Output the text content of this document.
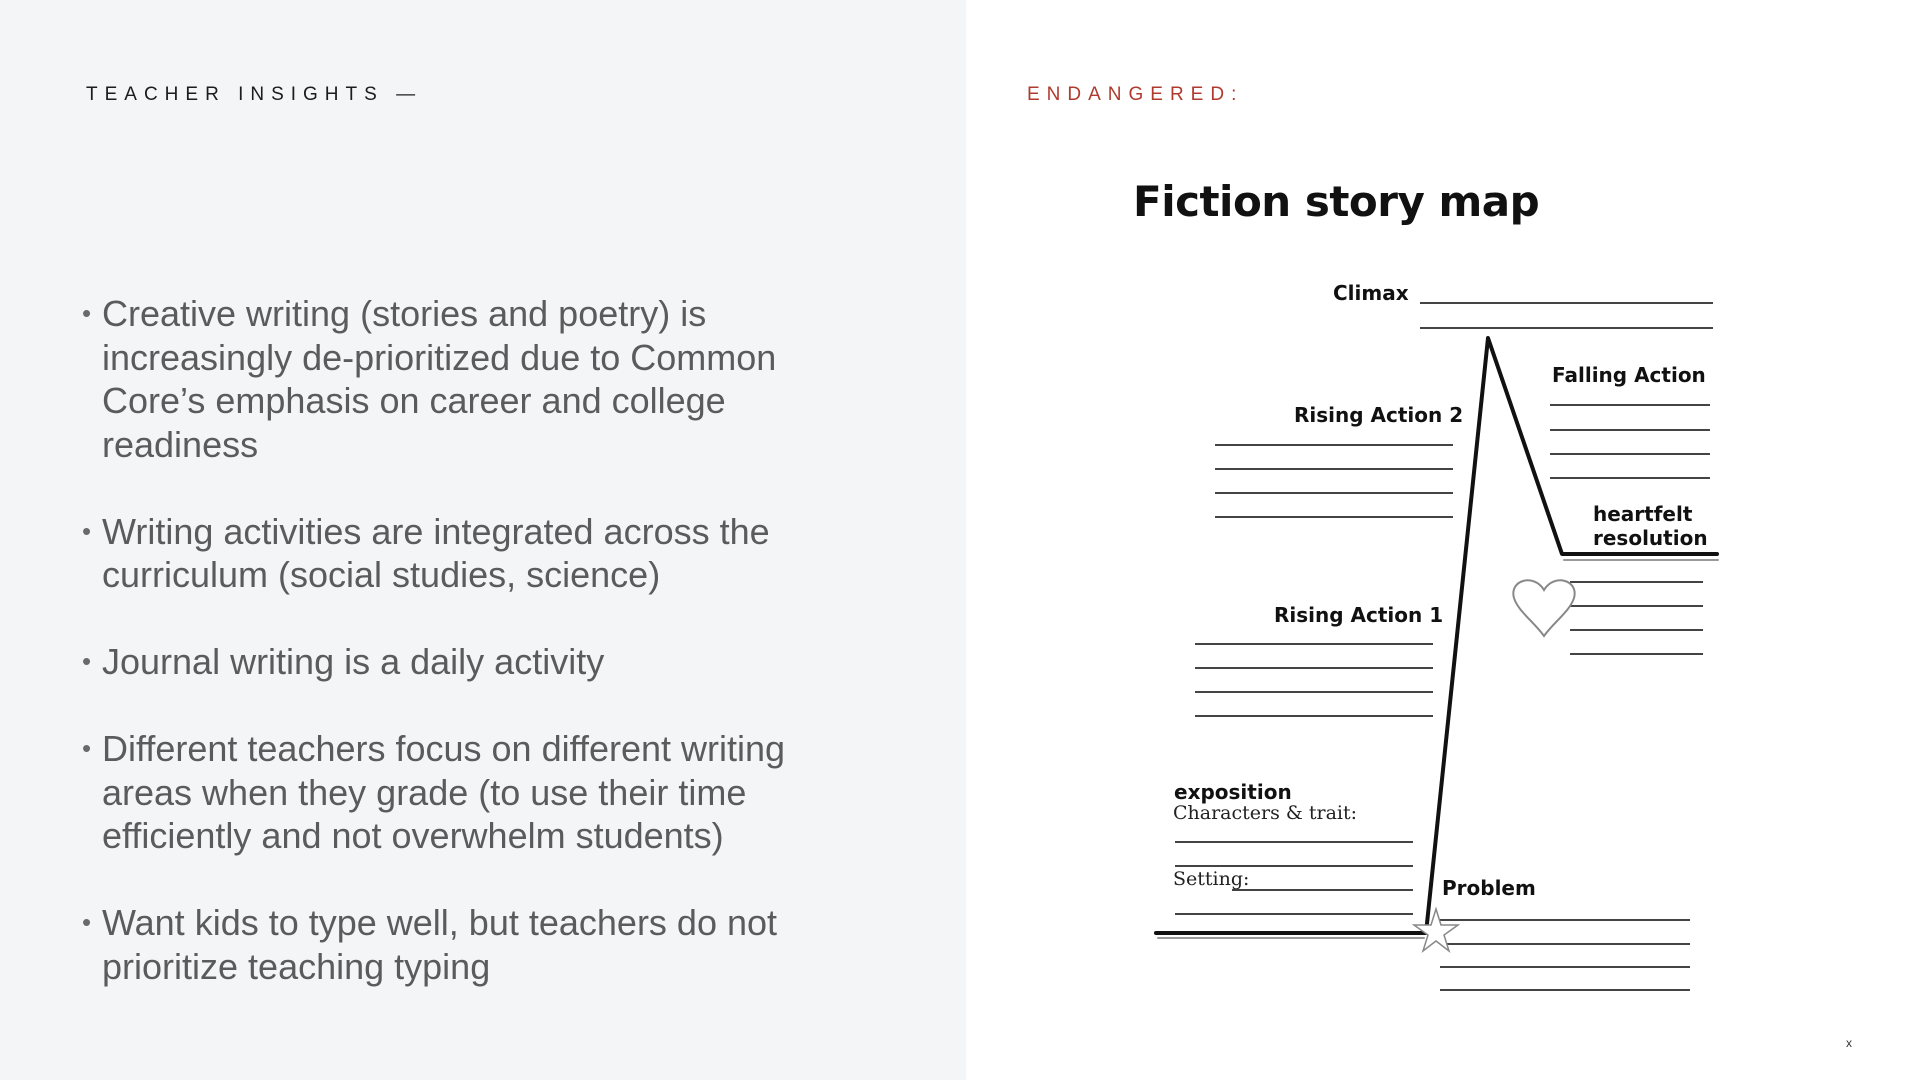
TEACHER INSIGHTS —	ENDANGERED:
• Creative writing (stories and poetry) is increasingly de-prioritized due to Common Core’s emphasis on career and college readiness
• Writing activities are integrated across the curriculum (social studies, science)
• Journal writing is a daily activity
• Different teachers focus on different writing areas when they grade (to use their time efficiently and not overwhelm students)
• Want kids to type well, but teachers do not prioritize teaching typing
Fiction story map
Climax
Falling Action
Rising Action 2
heartfelt
resolution
Rising Action 1
exposition
Characters & trait:
Setting:	Problem
x
